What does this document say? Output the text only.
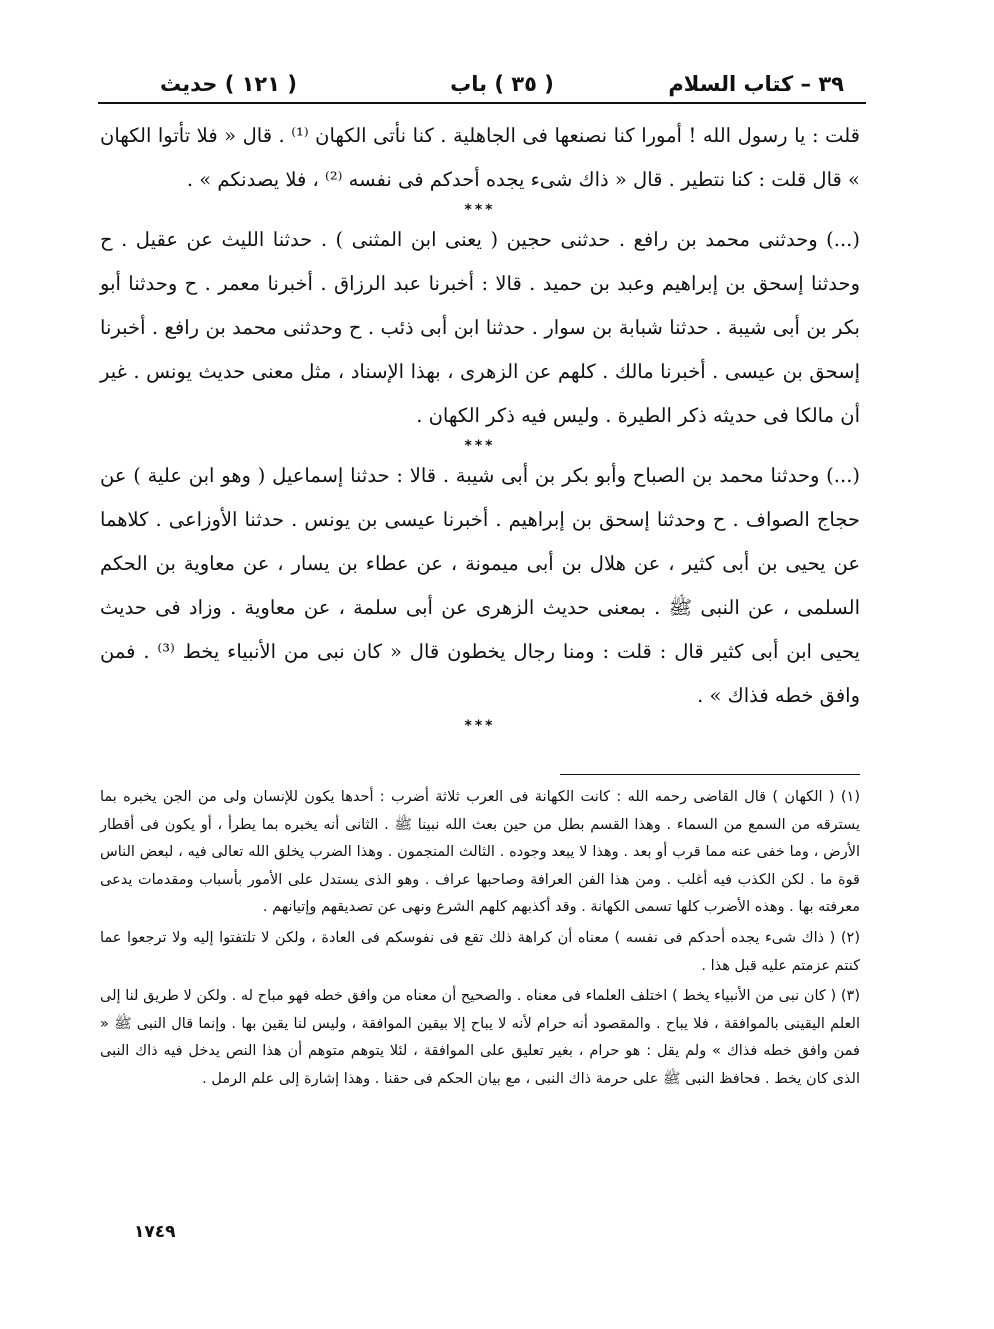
٣٩ – كتاب السلام
( ٣٥ ) باب
( ١٢١ ) حديث

قلت : يا رسول الله ! أمورا كنا نصنعها فى الجاهلية . كنا نأتى الكهان ⁽¹⁾ . قال « فلا تأتوا الكهان » قال قلت : كنا نتطير . قال « ذاك شىء يجده أحدكم فى نفسه ⁽²⁾ ، فلا يصدنكم » .

***

(...) وحدثنى محمد بن رافع . حدثنى حجين ( يعنى ابن المثنى ) . حدثنا الليث عن عقيل . ح وحدثنا إسحق بن إبراهيم وعبد بن حميد . قالا : أخبرنا عبد الرزاق . أخبرنا معمر . ح وحدثنا أبو بكر بن أبى شيبة . حدثنا شبابة بن سوار . حدثنا ابن أبى ذئب . ح وحدثنى محمد بن رافع . أخبرنا إسحق بن عيسى . أخبرنا مالك . كلهم عن الزهرى ، بهذا الإسناد ، مثل معنى حديث يونس . غير أن مالكا فى حديثه ذكر الطيرة . وليس فيه ذكر الكهان .

***

(...) وحدثنا محمد بن الصباح وأبو بكر بن أبى شيبة . قالا : حدثنا إسماعيل ( وهو ابن علية ) عن حجاج الصواف . ح وحدثنا إسحق بن إبراهيم . أخبرنا عيسى بن يونس . حدثنا الأوزاعى . كلاهما عن يحيى بن أبى كثير ، عن هلال بن أبى ميمونة ، عن عطاء بن يسار ، عن معاوية بن الحكم السلمى ، عن النبى ﷺ . بمعنى حديث الزهرى عن أبى سلمة ، عن معاوية . وزاد فى حديث يحيى ابن أبى كثير قال : قلت : ومنا رجال يخطون قال « كان نبى من الأنبياء يخط ⁽³⁾ . فمن وافق خطه فذاك » .

***

(١) ( الكهان ) قال القاضى رحمه الله : كانت الكهانة فى العرب ثلاثة أضرب : أحدها يكون للإنسان ولى من الجن يخبره بما يسترقه من السمع من السماء . وهذا القسم بطل من حين بعث الله نبينا ﷺ . الثانى أنه يخبره بما يطرأ ، أو يكون فى أقطار الأرض ، وما خفى عنه مما قرب أو بعد . وهذا لا يبعد وجوده . الثالث المنجمون . وهذا الضرب يخلق الله تعالى فيه ، لبعض الناس قوة ما . لكن الكذب فيه أغلب . ومن هذا الفن العرافة وصاحبها عراف . وهو الذى يستدل على الأمور بأسباب ومقدمات يدعى معرفته بها . وهذه الأضرب كلها تسمى الكهانة . وقد أكذبهم كلهم الشرع ونهى عن تصديقهم وإتيانهم .

(٢) ( ذاك شىء يجده أحدكم فى نفسه ) معناه أن كراهة ذلك تقع فى نفوسكم فى العادة ، ولكن لا تلتفتوا إليه ولا ترجعوا عما كنتم عزمتم عليه قبل هذا .

(٣) ( كان نبى من الأنبياء يخط ) اختلف العلماء فى معناه . والصحيح أن معناه من وافق خطه فهو مباح له . ولكن لا طريق لنا إلى العلم اليقينى بالموافقة ، فلا يباح . والمقصود أنه حرام لأنه لا يباح إلا بيقين الموافقة ، وليس لنا يقين بها . وإنما قال النبى ﷺ « فمن وافق خطه فذاك » ولم يقل : هو حرام ، بغير تعليق على الموافقة ، لئلا يتوهم متوهم أن هذا النص يدخل فيه ذاك النبى الذى كان يخط . فحافظ النبى ﷺ على حرمة ذاك النبى ، مع بيان الحكم فى حقنا . وهذا إشارة إلى علم الرمل .

١٧٤٩
